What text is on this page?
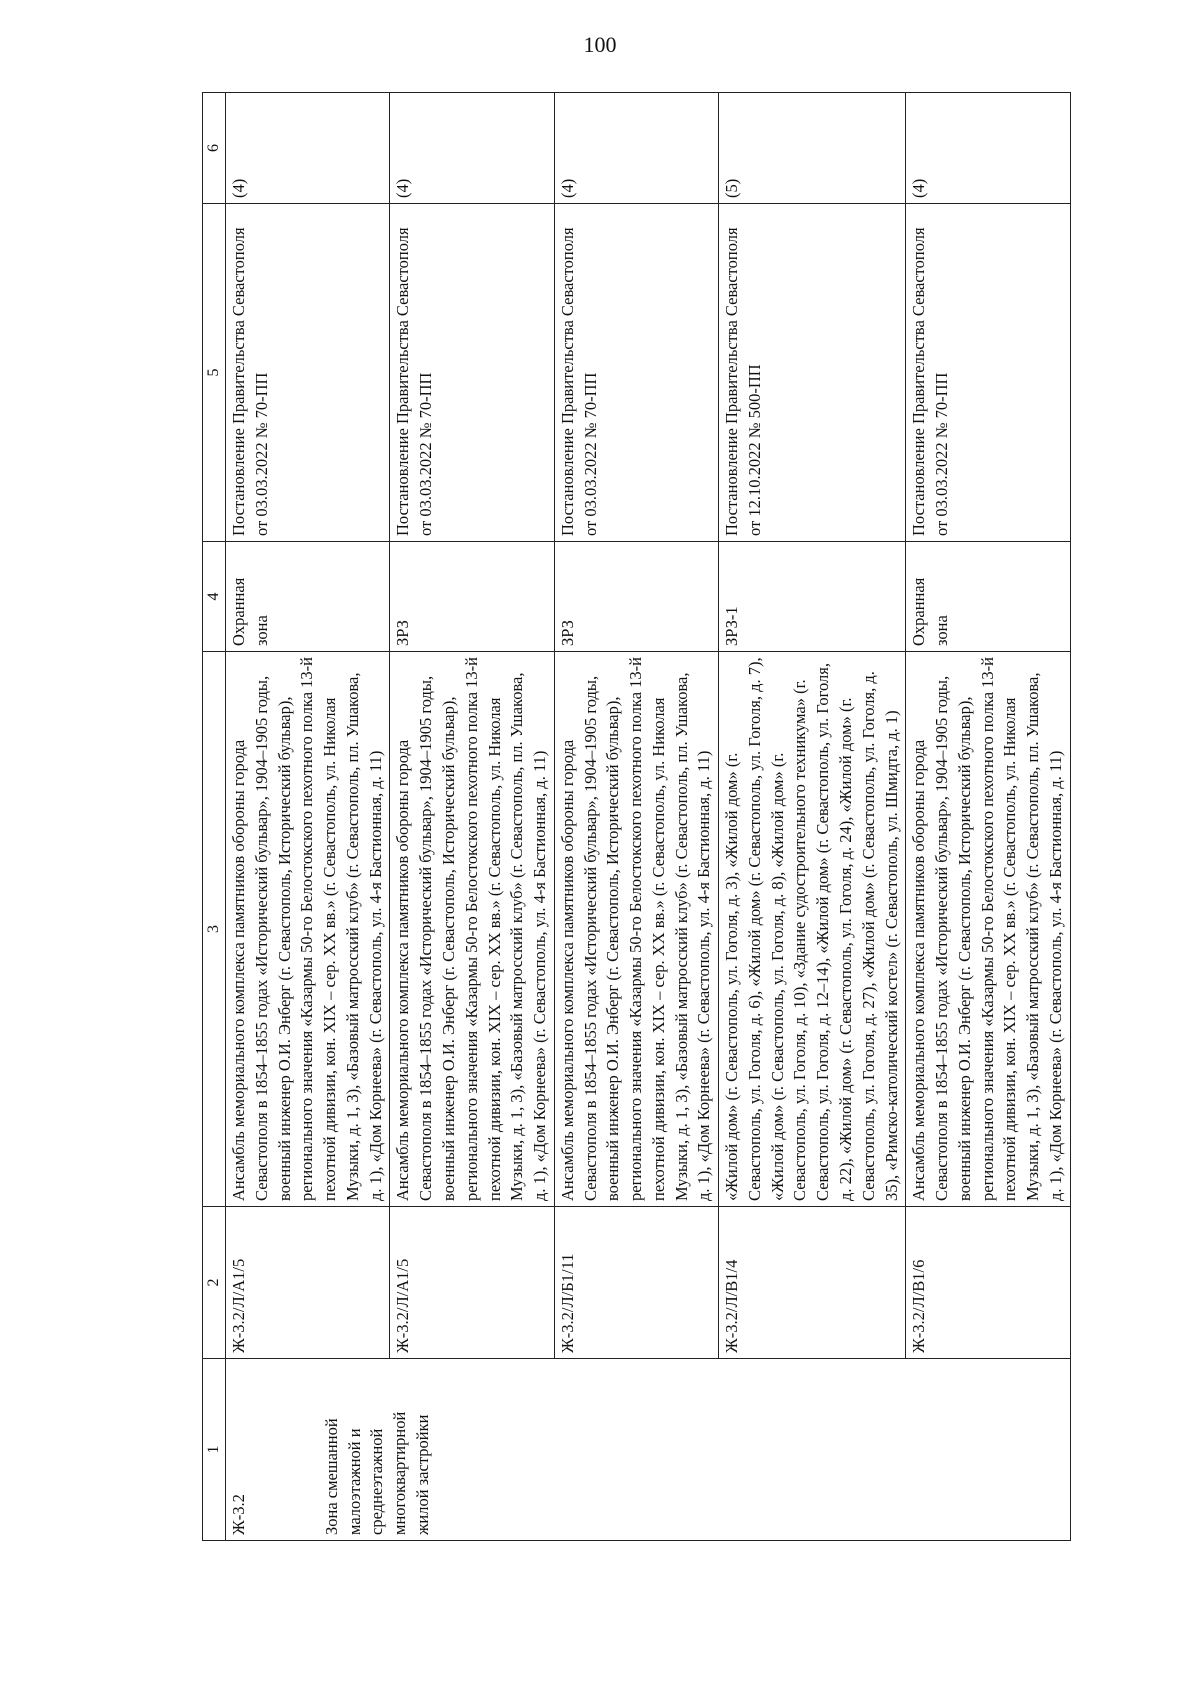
100
1	2	3	4	5	6

Ж-3.2 Зона смешанной малоэтажной и среднеэтажной многоквартирной жилой застройки	Ж-3.2/Л/А1/5	Ансамбль мемориального комплекса памятников обороны города Севастополя в 1854–1855 годах «Исторический бульвар», 1904–1905 годы, военный инженер О.И. Энберг (г. Севастополь, Исторический бульвар), регионального значения «Казармы 50-го Белостокского пехотного полка 13-й пехотной дивизии, кон. XIX – сер. XX вв.» (г. Севастополь, ул. Николая Музыки, д. 1, 3), «Базовый матросский клуб» (г. Севастополь, пл. Ушакова, д. 1), «Дом Корнеева» (г. Севастополь, ул. 4-я Бастионная, д. 11)	Охранная зона	Постановление Правительства Севастополя от 03.03.2022 № 70-ПП	(4)
	Ж-3.2/Л/А1/5	Ансамбль мемориального комплекса памятников обороны города Севастополя в 1854–1855 годах «Исторический бульвар», 1904–1905 годы, военный инженер О.И. Энберг (г. Севастополь, Исторический бульвар), регионального значения «Казармы 50-го Белостокского пехотного полка 13-й пехотной дивизии, кон. XIX – сер. XX вв.» (г. Севастополь, ул. Николая Музыки, д. 1, 3), «Базовый матросский клуб» (г. Севастополь, пл. Ушакова, д. 1), «Дом Корнеева» (г. Севастополь, ул. 4-я Бастионная, д. 11)	ЗРЗ	Постановление Правительства Севастополя от 03.03.2022 № 70-ПП	(4)
	Ж-3.2/Л/Б1/11	Ансамбль мемориального комплекса памятников обороны города Севастополя в 1854–1855 годах «Исторический бульвар», 1904–1905 годы, военный инженер О.И. Энберг (г. Севастополь, Исторический бульвар), регионального значения «Казармы 50-го Белостокского пехотного полка 13-й пехотной дивизии, кон. XIX – сер. XX вв.» (г. Севастополь, ул. Николая Музыки, д. 1, 3), «Базовый матросский клуб» (г. Севастополь, пл. Ушакова, д. 1), «Дом Корнеева» (г. Севастополь, ул. 4-я Бастионная, д. 11)	ЗРЗ	Постановление Правительства Севастополя от 03.03.2022 № 70-ПП	(4)
	Ж-3.2/Л/В1/4	«Жилой дом» (г. Севастополь, ул. Гоголя, д. 3), «Жилой дом» (г. Севастополь, ул. Гоголя, д. 6), «Жилой дом» (г. Севастополь, ул. Гоголя, д. 7), «Жилой дом» (г. Севастополь, ул. Гоголя, д. 8), «Жилой дом» (г. Севастополь, ул. Гоголя, д. 10), «Здание судостроительного техникума» (г. Севастополь, ул. Гоголя, д. 12–14), «Жилой дом» (г. Севастополь, ул. Гоголя, д. 22), «Жилой дом» (г. Севастополь, ул. Гоголя, д. 24), «Жилой дом» (г. Севастополь, ул. Гоголя, д. 27), «Жилой дом» (г. Севастополь, ул. Гоголя, д. 35), «Римско-католический костел» (г. Севастополь, ул. Шмидта, д. 1)	ЗРЗ-1	Постановление Правительства Севастополя от 12.10.2022 № 500-ПП	(5)
	Ж-3.2/Л/В1/6	Ансамбль мемориального комплекса памятников обороны города Севастополя в 1854–1855 годах «Исторический бульвар», 1904–1905 годы, военный инженер О.И. Энберг (г. Севастополь, Исторический бульвар), регионального значения «Казармы 50-го Белостокского пехотного полка 13-й пехотной дивизии, кон. XIX – сер. XX вв.» (г. Севастополь, ул. Николая Музыки, д. 1, 3), «Базовый матросский клуб» (г. Севастополь, пл. Ушакова, д. 1), «Дом Корнеева» (г. Севастополь, ул. 4-я Бастионная, д. 11)	Охранная зона	Постановление Правительства Севастополя от 03.03.2022 № 70-ПП	(4)
